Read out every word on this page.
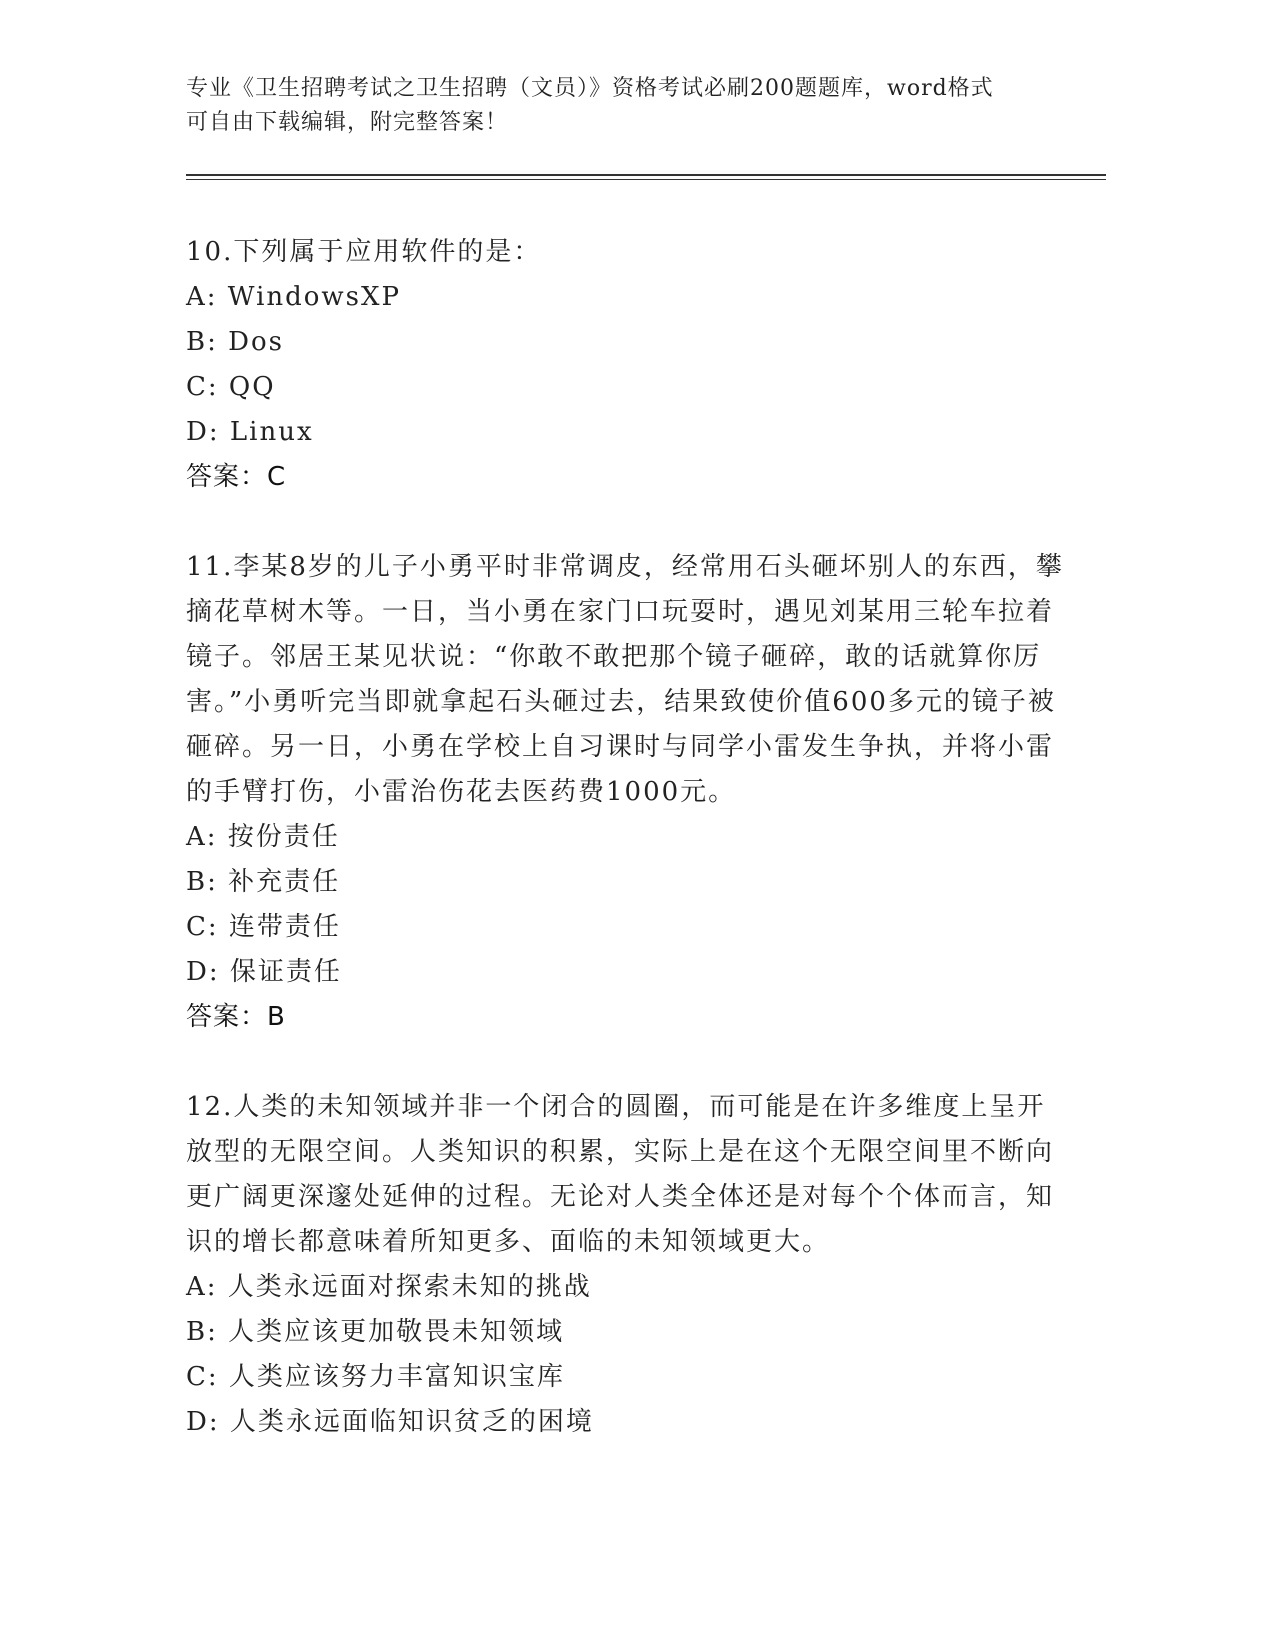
专业《卫生招聘考试之卫生招聘（文员）》资格考试必刷200题题库，word格式
可自由下载编辑，附完整答案！

10.下列属于应用软件的是：

A: WindowsXP

B: Dos

C: QQ

D: Linux

答案：C

11.李某8岁的儿子小勇平时非常调皮，经常用石头砸坏别人的东西，攀摘花草树木等。一日，当小勇在家门口玩耍时，遇见刘某用三轮车拉着镜子。邻居王某见状说：“你敢不敢把那个镜子砸碎，敢的话就算你厉害。”小勇听完当即就拿起石头砸过去，结果致使价值600多元的镜子被砸碎。另一日，小勇在学校上自习课时与同学小雷发生争执，并将小雷的手臂打伤，小雷治伤花去医药费1000元。

A: 按份责任

B: 补充责任

C: 连带责任

D: 保证责任

答案：B

12.人类的未知领域并非一个闭合的圆圈，而可能是在许多维度上呈开放型的无限空间。人类知识的积累，实际上是在这个无限空间里不断向更广阔更深邃处延伸的过程。无论对人类全体还是对每个个体而言，知识的增长都意味着所知更多、面临的未知领域更大。

A: 人类永远面对探索未知的挑战

B: 人类应该更加敬畏未知领域

C: 人类应该努力丰富知识宝库

D: 人类永远面临知识贫乏的困境
